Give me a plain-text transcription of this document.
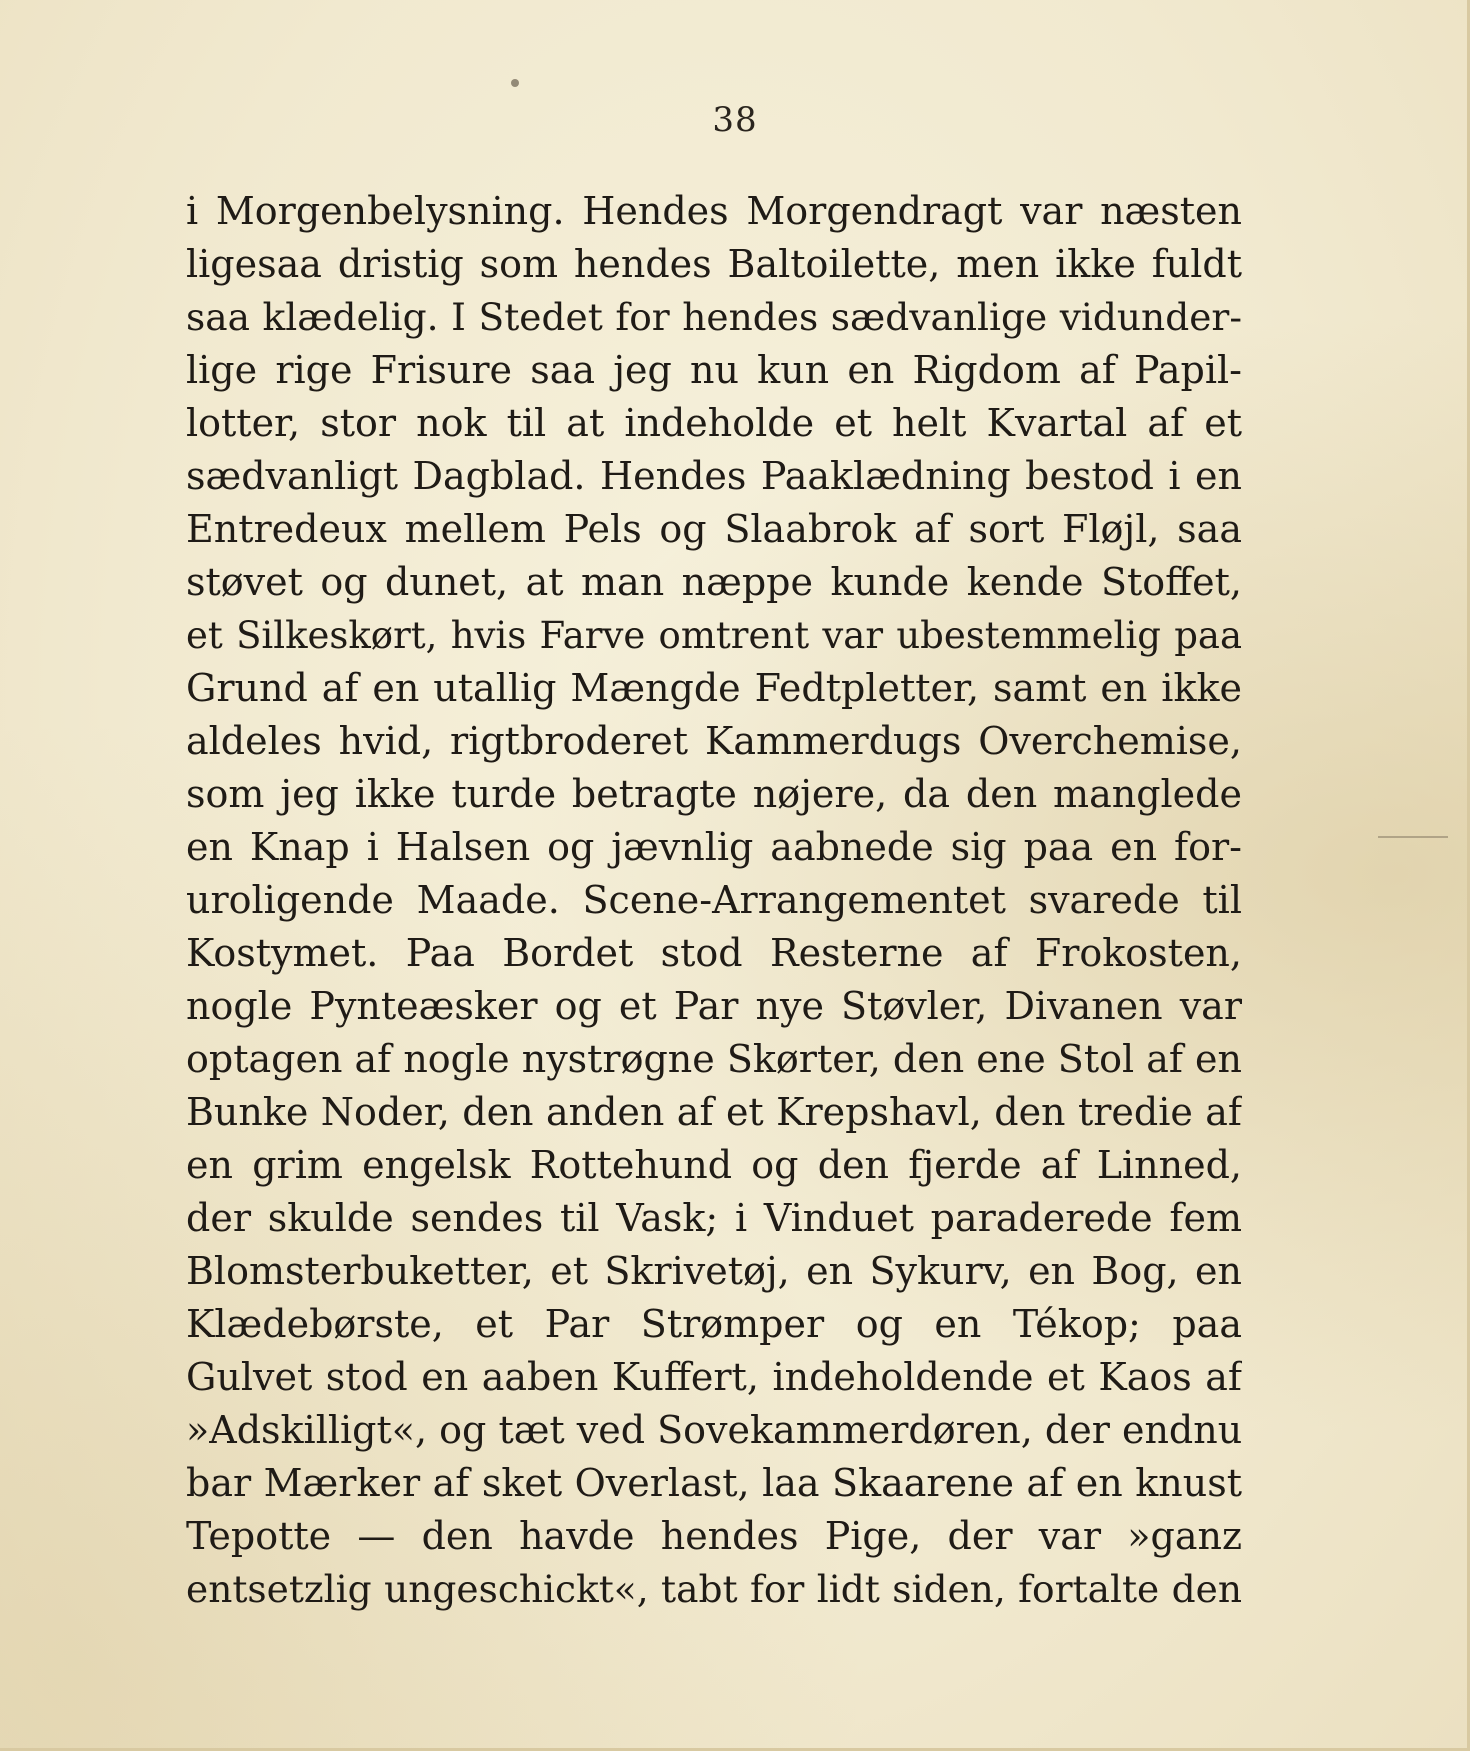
38
i Morgenbelysning. Hendes Morgendragt var næsten
ligesaa dristig som hendes Baltoilette, men ikke fuldt
saa klædelig. I Stedet for hendes sædvanlige vidunder-
lige rige Frisure saa jeg nu kun en Rigdom af Papil-
lotter, stor nok til at indeholde et helt Kvartal af et
sædvanligt Dagblad. Hendes Paaklædning bestod i en
Entredeux mellem Pels og Slaabrok af sort Fløjl, saa
støvet og dunet, at man næppe kunde kende Stoffet,
et Silkeskørt, hvis Farve omtrent var ubestemmelig paa
Grund af en utallig Mængde Fedtpletter, samt en ikke
aldeles hvid, rigtbroderet Kammerdugs Overchemise,
som jeg ikke turde betragte nøjere, da den manglede
en Knap i Halsen og jævnlig aabnede sig paa en for-
uroligende Maade. Scene-Arrangementet svarede til
Kostymet. Paa Bordet stod Resterne af Frokosten,
nogle Pynteæsker og et Par nye Støvler, Divanen var
optagen af nogle nystrøgne Skørter, den ene Stol af en
Bunke Noder, den anden af et Krepshavl, den tredie af
en grim engelsk Rottehund og den fjerde af Linned,
der skulde sendes til Vask; i Vinduet paraderede fem
Blomsterbuketter, et Skrivetøj, en Sykurv, en Bog, en
Klædebørste, et Par Strømper og en Tékop; paa
Gulvet stod en aaben Kuffert, indeholdende et Kaos af
»Adskilligt«, og tæt ved Sovekammerdøren, der endnu
bar Mærker af sket Overlast, laa Skaarene af en knust
Tepotte — den havde hendes Pige, der var »ganz
entsetzlig ungeschickt«, tabt for lidt siden, fortalte den
